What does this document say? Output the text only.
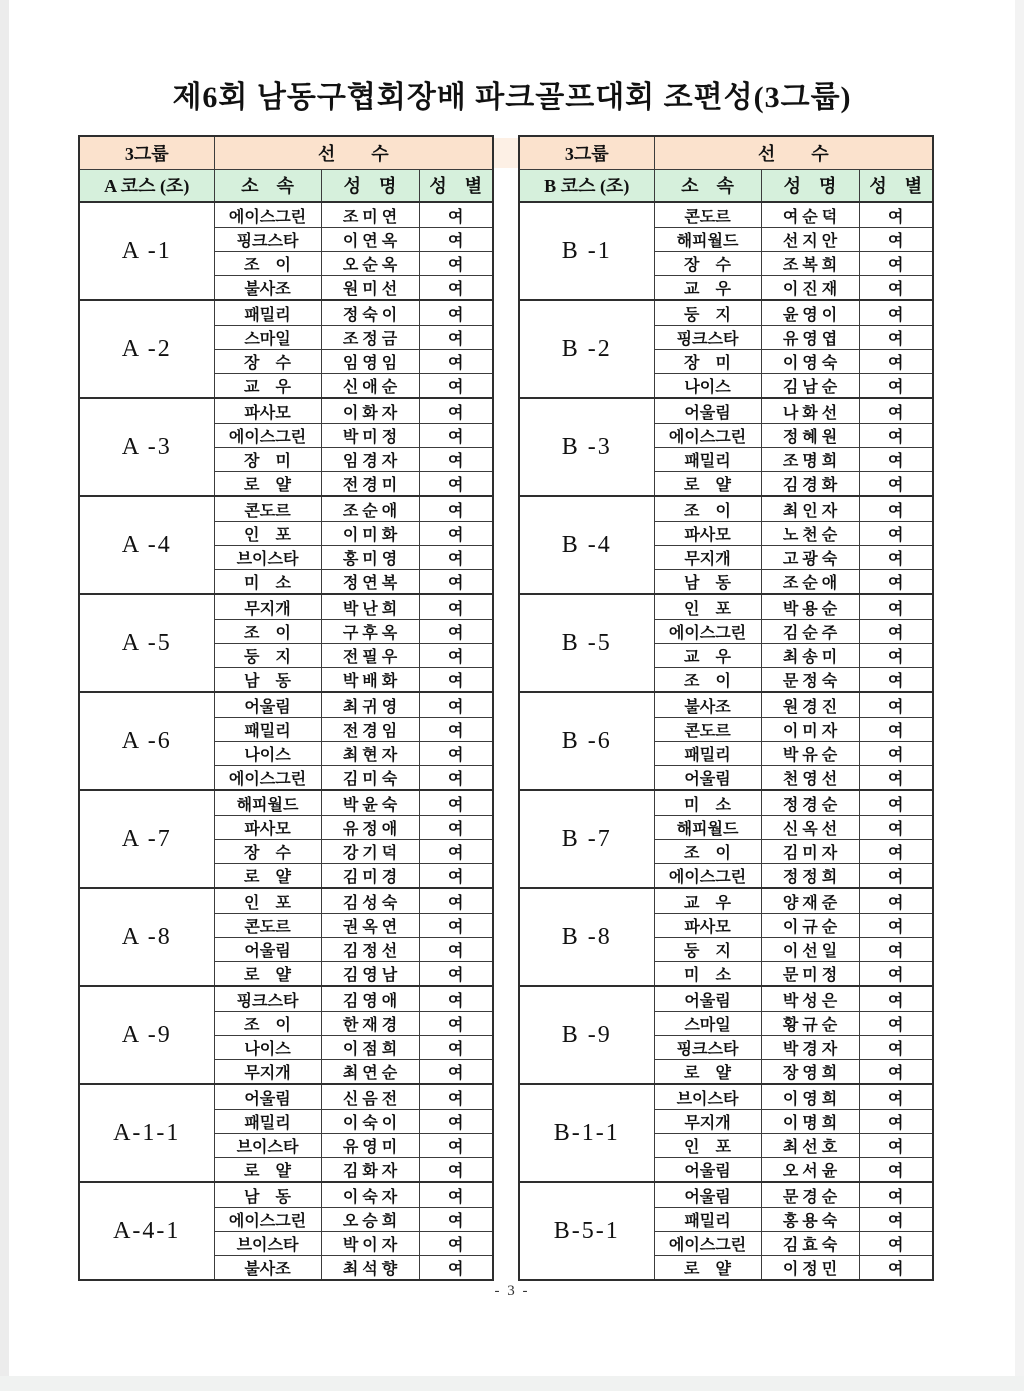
제6회 남동구협회장배 파크골프대회 조편성(3그룹)
3그룹	선　　수		
A 코스 (조)	소　속	성　명	성　별
A -1	에이스그린	조 미 연	여
	핑크스타	이 연 옥	여
	조　이	오 순 옥	여
	불사조	원 미 선	여
A -2	패밀리	정 숙 이	여
	스마일	조 정 금	여
	장　수	임 영 임	여
	교　우	신 애 순	여
A -3	파사모	이 화 자	여
	에이스그린	박 미 정	여
	장　미	임 경 자	여
	로　얄	전 경 미	여
A -4	콘도르	조 순 애	여
	인　포	이 미 화	여
	브이스타	홍 미 영	여
	미　소	정 연 복	여
A -5	무지개	박 난 희	여
	조　이	구 후 옥	여
	둥　지	전 필 우	여
	남　동	박 배 화	여
A -6	어울림	최 귀 영	여
	패밀리	전 경 임	여
	나이스	최 현 자	여
	에이스그린	김 미 숙	여
A -7	해피월드	박 윤 숙	여
	파사모	유 정 애	여
	장　수	강 기 덕	여
	로　얄	김 미 경	여
A -8	인　포	김 성 숙	여
	콘도르	권 옥 연	여
	어울림	김 정 선	여
	로　얄	김 영 남	여
A -9	핑크스타	김 영 애	여
	조　이	한 재 경	여
	나이스	이 점 희	여
	무지개	최 연 순	여
A-1-1	어울림	신 음 전	여
	패밀리	이 숙 이	여
	브이스타	유 영 미	여
	로　얄	김 화 자	여
A-4-1	남　동	이 숙 자	여
	에이스그린	오 승 희	여
	브이스타	박 이 자	여
	불사조	최 석 향	여
3그룹	선　　수		
B 코스 (조)	소　속	성　명	성　별
B -1	콘도르	여 순 덕	여
	해피월드	선 지 안	여
	장　수	조 복 희	여
	교　우	이 진 재	여
B -2	둥　지	윤 영 이	여
	핑크스타	유 영 엽	여
	장　미	이 영 숙	여
	나이스	김 남 순	여
B -3	어울림	나 화 선	여
	에이스그린	정 혜 원	여
	패밀리	조 명 희	여
	로　얄	김 경 화	여
B -4	조　이	최 인 자	여
	파사모	노 천 순	여
	무지개	고 광 숙	여
	남　동	조 순 애	여
B -5	인　포	박 용 순	여
	에이스그린	김 순 주	여
	교　우	최 송 미	여
	조　이	문 정 숙	여
B -6	불사조	원 경 진	여
	콘도르	이 미 자	여
	패밀리	박 유 순	여
	어울림	천 영 선	여
B -7	미　소	정 경 순	여
	해피월드	신 옥 선	여
	조　이	김 미 자	여
	에이스그린	정 정 희	여
B -8	교　우	양 재 준	여
	파사모	이 규 순	여
	둥　지	이 선 일	여
	미　소	문 미 정	여
B -9	어울림	박 성 은	여
	스마일	황 규 순	여
	핑크스타	박 경 자	여
	로　얄	장 영 희	여
B-1-1	브이스타	이 영 희	여
	무지개	이 명 희	여
	인　포	최 선 호	여
	어울림	오 서 윤	여
B-5-1	어울림	문 경 순	여
	패밀리	홍 용 숙	여
	에이스그린	김 효 숙	여
	로　얄	이 정 민	여
- 3 -
